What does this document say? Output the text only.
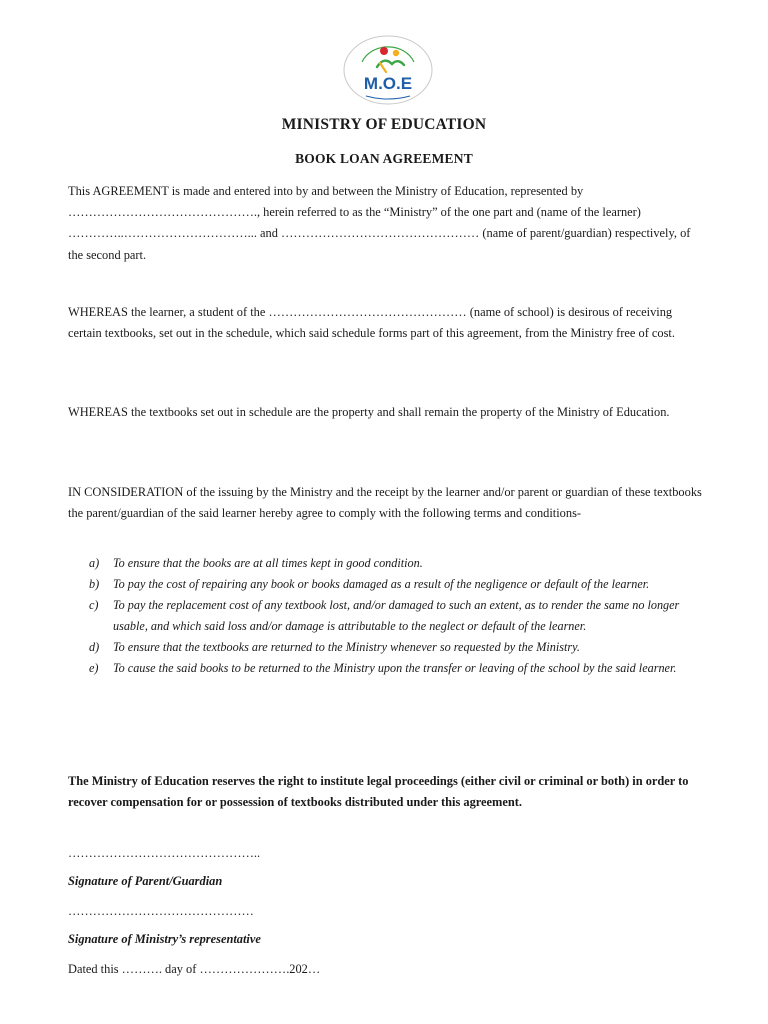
M.O.E
MINISTRY OF EDUCATION
BOOK LOAN AGREEMENT

This AGREEMENT is made and entered into by and between the Ministry of Education, represented by ………………………………………., herein referred to as the “Ministry” of the one part and (name of the learner) …………..…………………………... and ………………………………………… (name of parent/guardian) respectively, of the second part.

WHEREAS the learner, a student of the ………………………………………… (name of school) is desirous of receiving certain textbooks, set out in the schedule, which said schedule forms part of this agreement, from the Ministry free of cost.

WHEREAS the textbooks set out in schedule are the property and shall remain the property of the Ministry of Education.

IN CONSIDERATION of the issuing by the Ministry and the receipt by the learner and/or parent or guardian of these textbooks the parent/guardian of the said learner hereby agree to comply with the following terms and conditions-

a) To ensure that the books are at all times kept in good condition.
b) To pay the cost of repairing any book or books damaged as a result of the negligence or default of the learner.
c) To pay the replacement cost of any textbook lost, and/or damaged to such an extent, as to render the same no longer usable, and which said loss and/or damage is attributable to the neglect or default of the learner.
d) To ensure that the textbooks are returned to the Ministry whenever so requested by the Ministry.
e) To cause the said books to be returned to the Ministry upon the transfer or leaving of the school by the said learner.

The Ministry of Education reserves the right to institute legal proceedings (either civil or criminal or both) in order to recover compensation for or possession of textbooks distributed under this agreement.

………………………………………..
Signature of Parent/Guardian
………………………………………
Signature of Ministry’s representative
Dated this ………. day of ………………….202…
